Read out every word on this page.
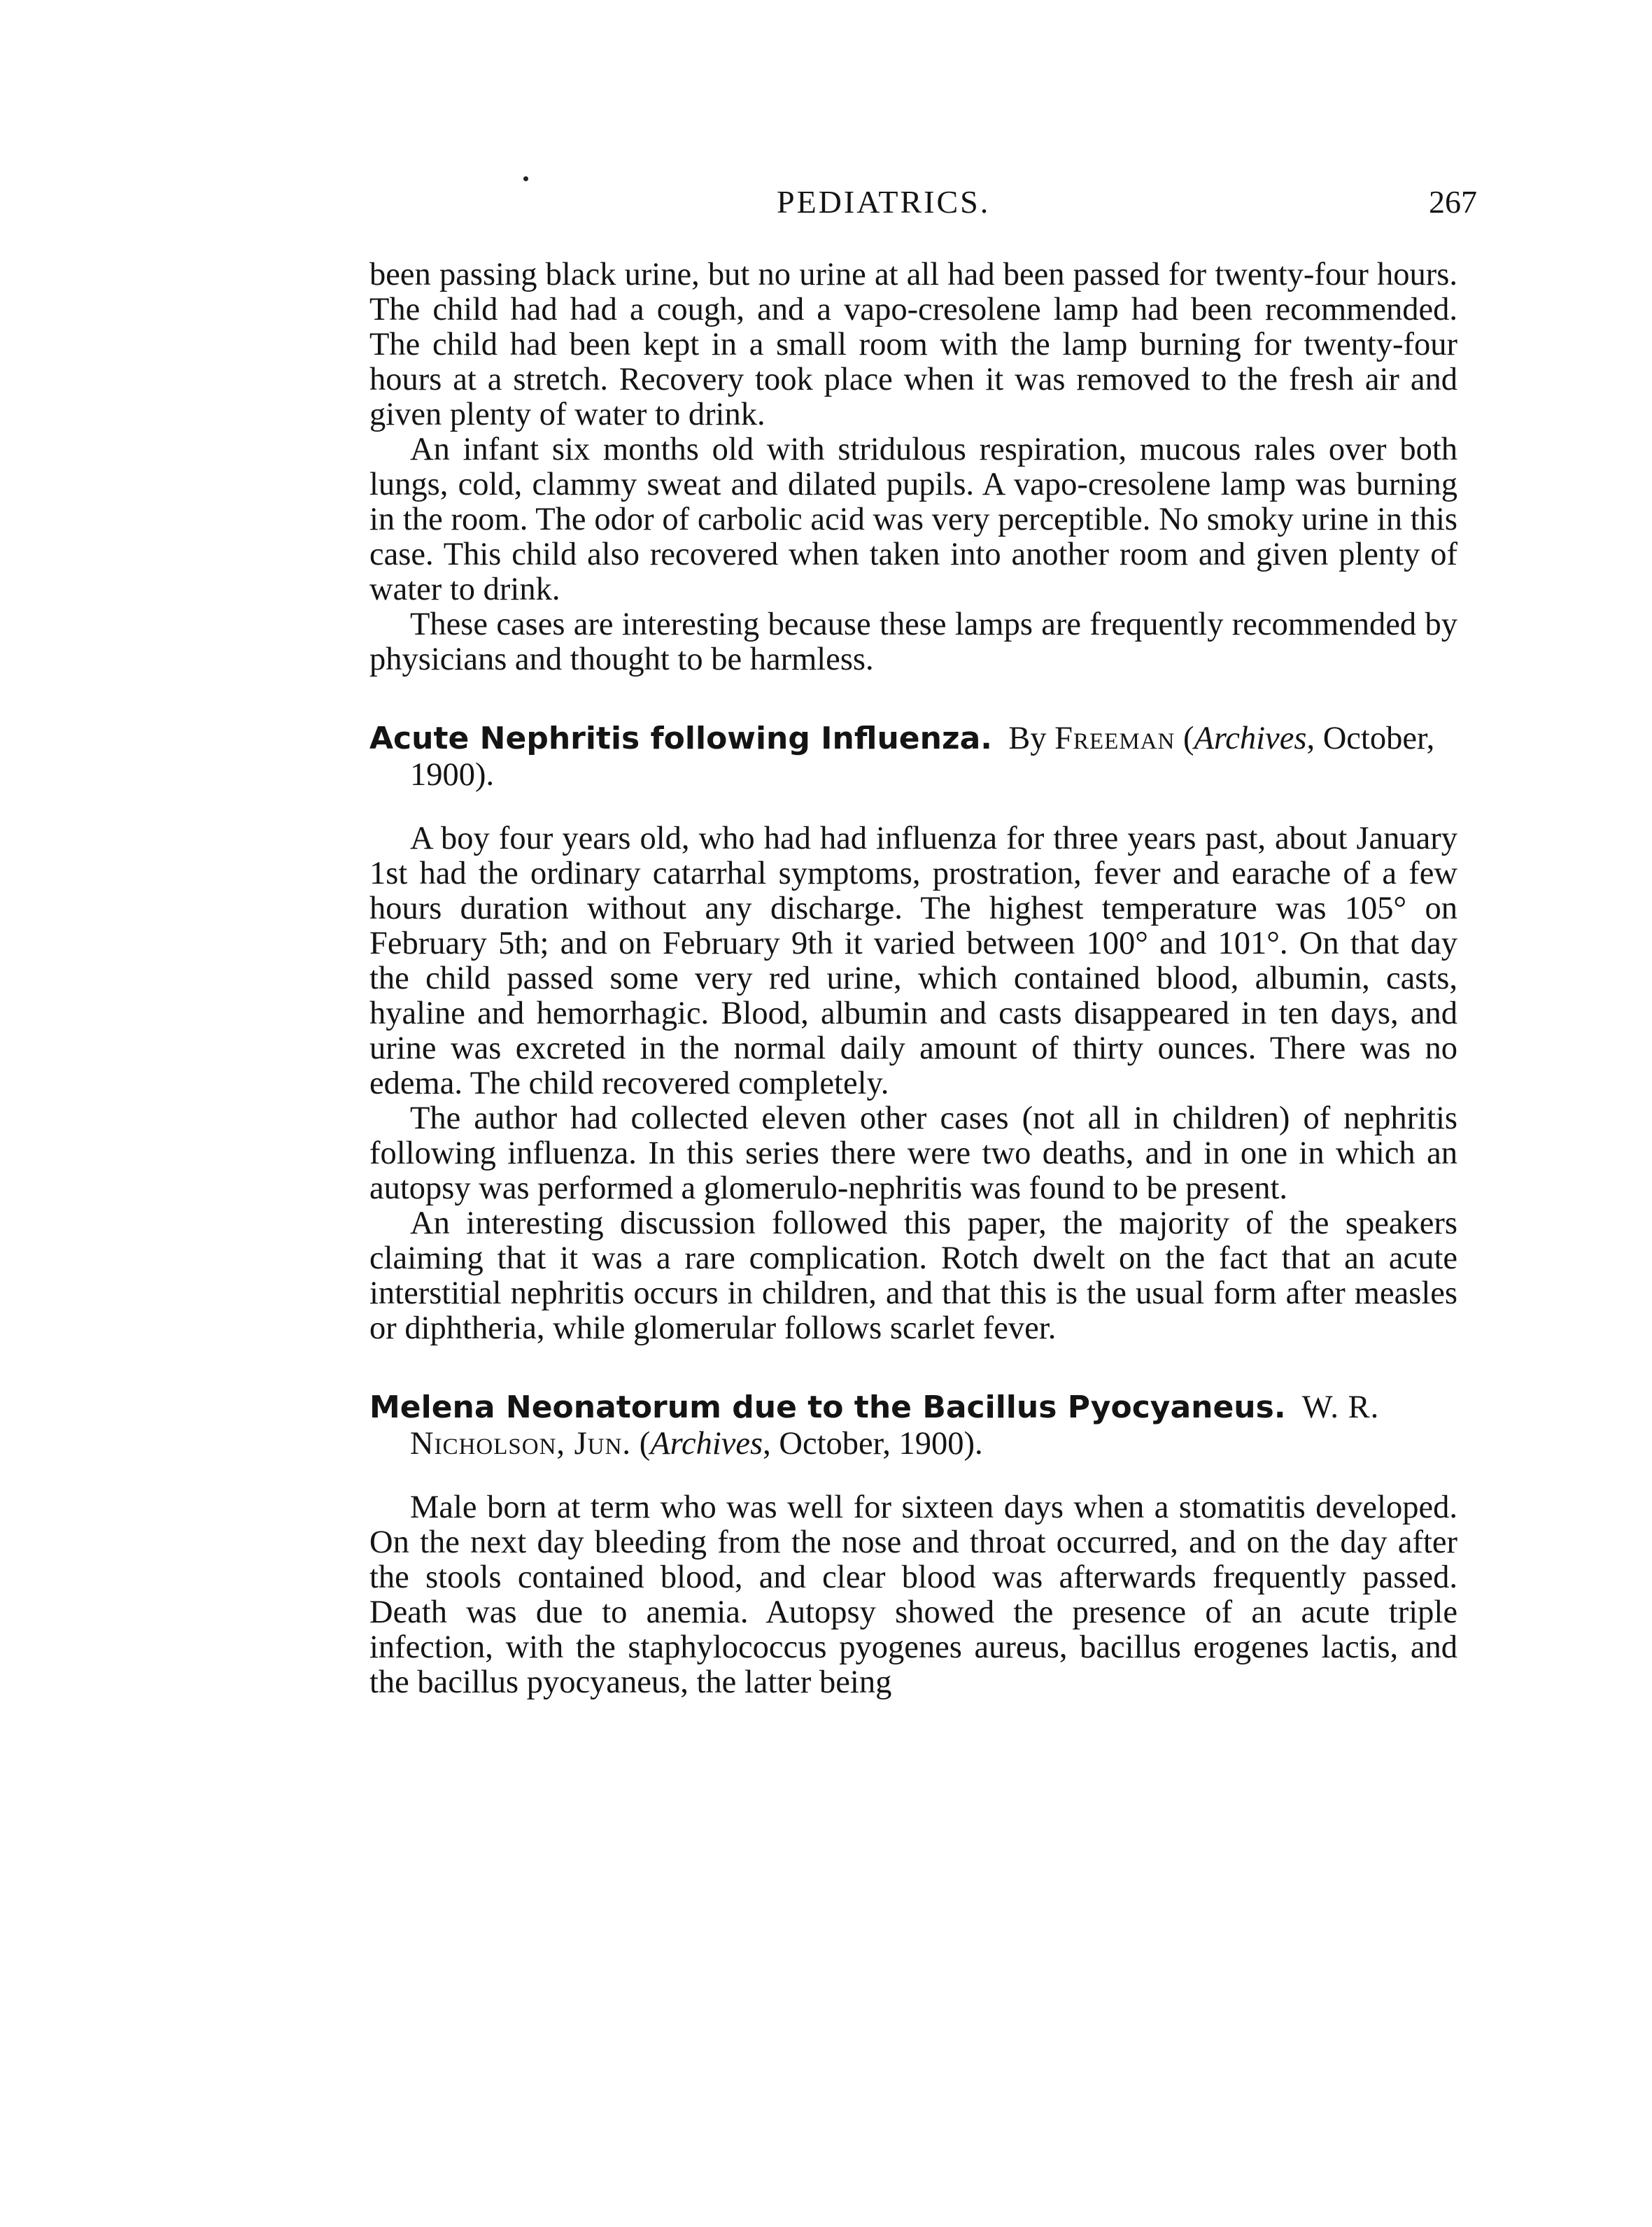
PEDIATRICS.	267

been passing black urine, but no urine at all had been passed for twenty-four hours. The child had had a cough, and a vapo-cresolene lamp had been recommended. The child had been kept in a small room with the lamp burning for twenty-four hours at a stretch. Recovery took place when it was removed to the fresh air and given plenty of water to drink.

An infant six months old with stridulous respiration, mucous rales over both lungs, cold, clammy sweat and dilated pupils. A vapo-cresolene lamp was burning in the room. The odor of carbolic acid was very perceptible. No smoky urine in this case. This child also recovered when taken into another room and given plenty of water to drink.

These cases are interesting because these lamps are frequently recommended by physicians and thought to be harmless.

Acute Nephritis following Influenza. By Freeman (Archives, October, 1900).

A boy four years old, who had had influenza for three years past, about January 1st had the ordinary catarrhal symptoms, prostration, fever and earache of a few hours duration without any discharge. The highest temperature was 105° on February 5th; and on February 9th it varied between 100° and 101°. On that day the child passed some very red urine, which contained blood, albumin, casts, hyaline and hemorrhagic. Blood, albumin and casts disappeared in ten days, and urine was excreted in the normal daily amount of thirty ounces. There was no edema. The child recovered completely.

The author had collected eleven other cases (not all in children) of nephritis following influenza. In this series there were two deaths, and in one in which an autopsy was performed a glomerulo-nephritis was found to be present.

An interesting discussion followed this paper, the majority of the speakers claiming that it was a rare complication. Rotch dwelt on the fact that an acute interstitial nephritis occurs in children, and that this is the usual form after measles or diphtheria, while glomerular follows scarlet fever.

Melena Neonatorum due to the Bacillus Pyocyaneus. W. R. Nicholson, Jun. (Archives, October, 1900).

Male born at term who was well for sixteen days when a stomatitis developed. On the next day bleeding from the nose and throat occurred, and on the day after the stools contained blood, and clear blood was afterwards frequently passed. Death was due to anemia. Autopsy showed the presence of an acute triple infection, with the staphylococcus pyogenes aureus, bacillus erogenes lactis, and the bacillus pyocyaneus, the latter being
